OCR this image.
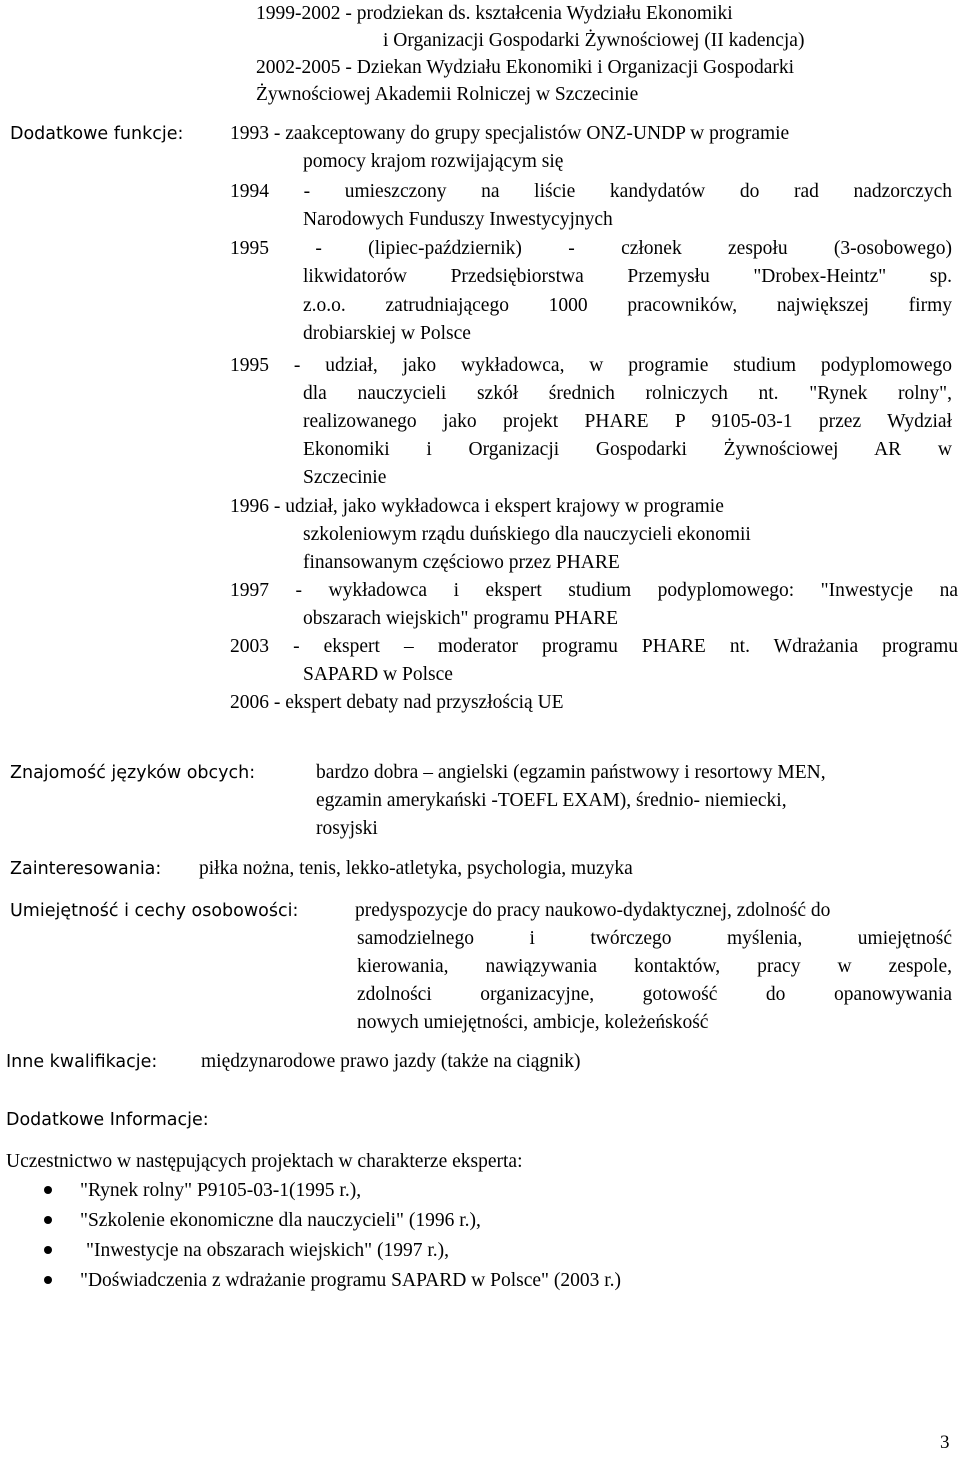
1999-2002 - prodziekan ds. kształcenia Wydziału Ekonomiki
i Organizacji Gospodarki Żywnościowej (II kadencja)
2002-2005 - Dziekan Wydziału Ekonomiki i Organizacji Gospodarki
Żywnościowej Akademii Rolniczej w Szczecinie
Dodatkowe funkcje: 1993 - zaakceptowany do grupy specjalistów ONZ-UNDP w programie
pomocy krajom rozwijającym się
1994 - umieszczony na liście kandydatów do rad nadzorczych
Narodowych Funduszy Inwestycyjnych
1995 - (lipiec-październik) - członek zespołu (3-osobowego)
likwidatorów Przedsiębiorstwa Przemysłu "Drobex-Heintz" sp.
z.o.o. zatrudniającego 1000 pracowników, największej firmy
drobiarskiej w Polsce
1995 - udział, jako wykładowca, w programie studium podyplomowego
dla nauczycieli szkół średnich rolniczych nt. "Rynek rolny",
realizowanego jako projekt PHARE P 9105-03-1 przez Wydział
Ekonomiki i Organizacji Gospodarki Żywnościowej AR w
Szczecinie
1996 - udział, jako wykładowca i ekspert krajowy w programie
szkoleniowym rządu duńskiego dla nauczycieli ekonomii
finansowanym częściowo przez PHARE
1997 - wykładowca i ekspert studium podyplomowego: "Inwestycje na
obszarach wiejskich" programu PHARE
2003 - ekspert – moderator programu PHARE nt. Wdrażania programu
SAPARD w Polsce
2006 - ekspert debaty nad przyszłością UE
Znajomość języków obcych:	bardzo dobra – angielski (egzamin państwowy i resortowy MEN,
egzamin amerykański -TOEFL EXAM), średnio- niemiecki,
rosyjski
Zainteresowania: piłka nożna, tenis, lekko-atletyka, psychologia, muzyka
Umiejętność i cechy osobowości:	predyspozycje do pracy naukowo-dydaktycznej, zdolność do
samodzielnego i twórczego myślenia, umiejętność
kierowania, nawiązywania kontaktów, pracy w zespole,
zdolności organizacyjne, gotowość do opanowywania
nowych umiejętności, ambicje, koleżeńskość
Inne kwalifikacje: międzynarodowe prawo jazdy (także na ciągnik)
Dodatkowe Informacje:
Uczestnictwo w następujących projektach w charakterze eksperta:
"Rynek rolny" P9105-03-1(1995 r.),
"Szkolenie ekonomiczne dla nauczycieli" (1996 r.),
"Inwestycje na obszarach wiejskich" (1997 r.),
"Doświadczenia z wdrażanie programu SAPARD w Polsce" (2003 r.)
3
